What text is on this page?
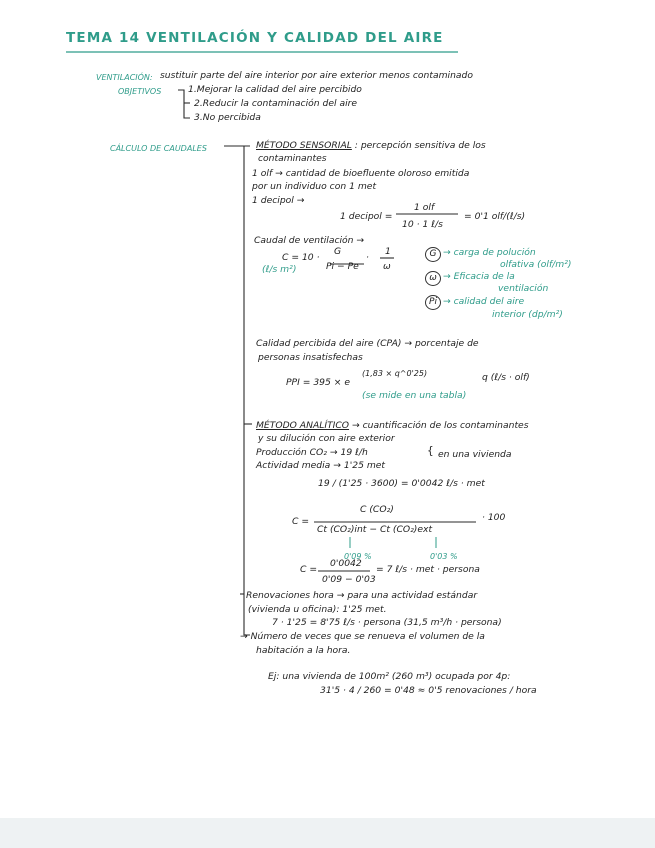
TEMA 14 VENTILACIÓN Y CALIDAD DEL AIRE
VENTILACIÓN: sustituir parte del aire interior por aire exterior menos contaminado
OBJETIVOS	1.Mejorar la calidad del aire percibido
2.Reducir la contaminación del aire
3.No percibida
CÁLCULO DE CAUDALES	MÉTODO SENSORIAL : percepción sensitiva de los
contaminantes
1 olf → cantidad de bioefluente oloroso emitida
por un individuo con 1 met
1 decipol →
1 decipol =
1 olf
10 · 1 ℓ/s
= 0'1 olf/(ℓ/s)
Caudal de ventilación →
C = 10 ·
G
Pi − Pe
·
1
ω
(ℓ/s m²)
G → carga de polución
olfativa (olf/m²)
ω → Eficacia de la
ventilación
Pi → calidad del aire
interior (dp/m²)
Calidad percibida del aire (CPA) → porcentaje de
personas insatisfechas
PPI = 395 × e
(1,83 × q^0'25)	q (ℓ/s · olf)
(se mide en una tabla)
MÉTODO ANALÍTICO → cuantificación de los contaminantes
y su dilución con aire exterior
Producción CO₂ → 19 ℓ/h
Actividad media → 1'25 met
{ en una vivienda
19 / (1'25 · 3600) = 0'0042 ℓ/s · met
C =
C (CO₂)
Ct (CO₂)int − Ct (CO₂)ext
· 100
0'09 %	0'03 %
C =
0'0042
0'09 − 0'03
= 7 ℓ/s · met · persona
Renovaciones hora → para una actividad estándar
(vivienda u oficina): 1'25 met.
7 · 1'25 = 8'75 ℓ/s · persona (31,5 m³/h · persona)
→ Número de veces que se renueva el volumen de la
habitación a la hora.
Ej: una vivienda de 100m² (260 m³) ocupada por 4p:
31'5 · 4 / 260 = 0'48 ≈ 0'5 renovaciones / hora
